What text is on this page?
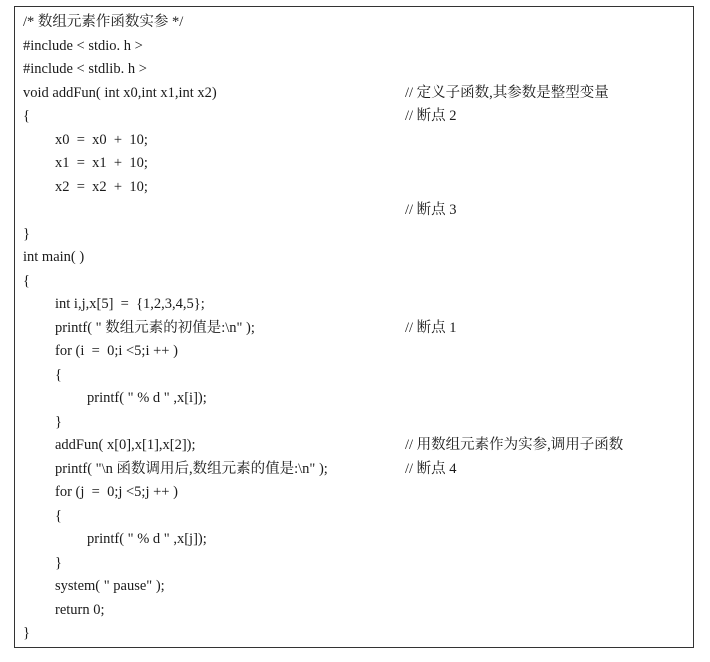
/* 数组元素作函数实参 */
#include < stdio. h >
#include < stdlib. h >
void addFun( int x0,int x1,int x2)	// 定义子函数,其参数是整型变量
{	// 断点 2
x0  =  x0  +  10;
x1  =  x1  +  10;
x2  =  x2  +  10;
// 断点 3
}
int main( )
{
int i,j,x[5]  =  {1,2,3,4,5};
printf( " 数组元素的初值是:\n" );	// 断点 1
for (i  =  0;i <5;i ++ )
{
printf( " % d " ,x[i]);
}
addFun( x[0],x[1],x[2]);	// 用数组元素作为实参,调用子函数
printf( "\n 函数调用后,数组元素的值是:\n" );	// 断点 4
for (j  =  0;j <5;j ++ )
{
printf( " % d " ,x[j]);
}
system( " pause" );
return 0;
}
